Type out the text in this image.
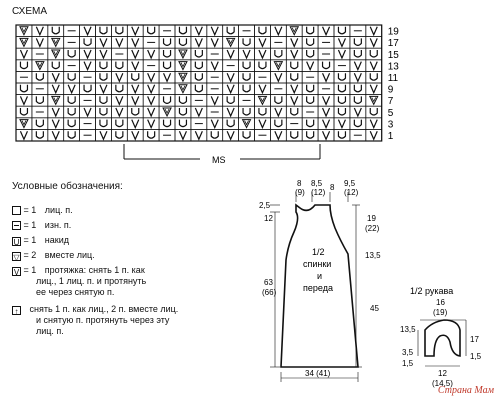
СХЕМА
19
17
15
13
11
9
7
5
3
1
MS
1/2
спинки
и
переда
8
(9)
8,5
(12)
8 9,5
(12)
2,5
12
63
(66)
19
(22)
13,5
45
34 (41)
1/2 рукава
16
(19)
13,5
3,5
1,5
17
1,5
12
(14,5)
Условные обозначения:
= 1 лиц. п.
= 1 изн. п.
U = 1 накид
▽ = 2 вместе лиц.
V = 1 протяжка: снять 1 п. как
лиц., 1 лиц. п. и протянуть
ее через снятую п.
↑ снять 1 п. как лиц., 2 п. вместе лиц.
и снятую п. протянуть через эту
лиц. п.
Страна Мам
